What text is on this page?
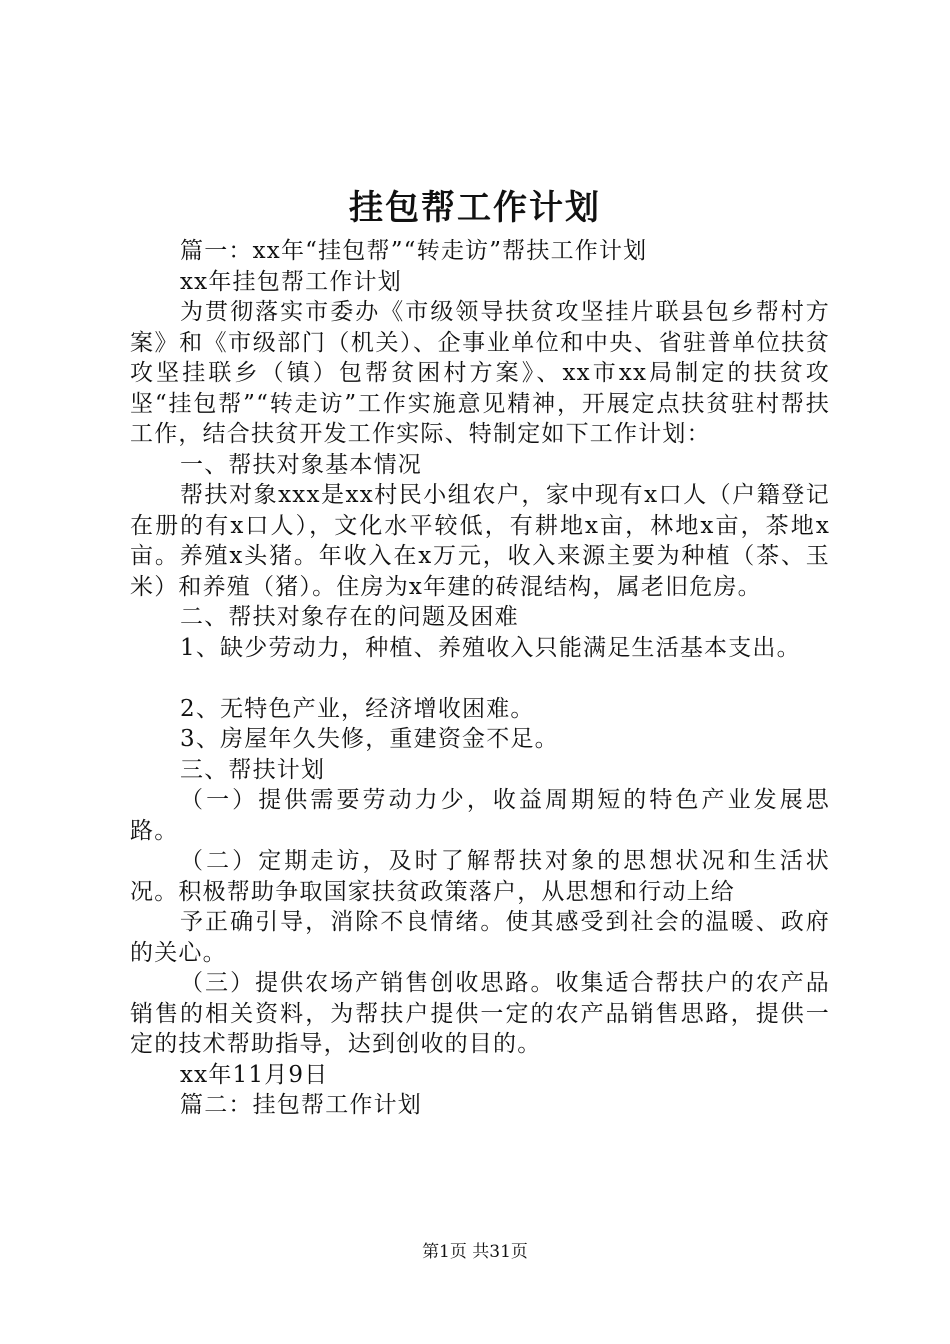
挂包帮工作计划

篇一：xx年“挂包帮”“转走访”帮扶工作计划

xx年挂包帮工作计划

为贯彻落实市委办《市级领导扶贫攻坚挂片联县包乡帮村方案》和《市级部门（机关）、企事业单位和中央、省驻普单位扶贫攻坚挂联乡（镇）包帮贫困村方案》、xx市xx局制定的扶贫攻坚“挂包帮”“转走访”工作实施意见精神，开展定点扶贫驻村帮扶工作，结合扶贫开发工作实际、特制定如下工作计划：

一、帮扶对象基本情况

帮扶对象xxx是xx村民小组农户，家中现有x口人（户籍登记在册的有x口人），文化水平较低，有耕地x亩，林地x亩，茶地x亩。养殖x头猪。年收入在x万元，收入来源主要为种植（茶、玉米）和养殖（猪）。住房为x年建的砖混结构，属老旧危房。

二、帮扶对象存在的问题及困难

1、缺少劳动力，种植、养殖收入只能满足生活基本支出。

2、无特色产业，经济增收困难。

3、房屋年久失修，重建资金不足。

三、帮扶计划

（一）提供需要劳动力少，收益周期短的特色产业发展思路。

（二）定期走访，及时了解帮扶对象的思想状况和生活状况。积极帮助争取国家扶贫政策落户，从思想和行动上给

予正确引导，消除不良情绪。使其感受到社会的温暖、政府的关心。

（三）提供农场产销售创收思路。收集适合帮扶户的农产品销售的相关资料，为帮扶户提供一定的农产品销售思路，提供一定的技术帮助指导，达到创收的目的。

xx年11月9日

篇二：挂包帮工作计划

第1页 共31页
